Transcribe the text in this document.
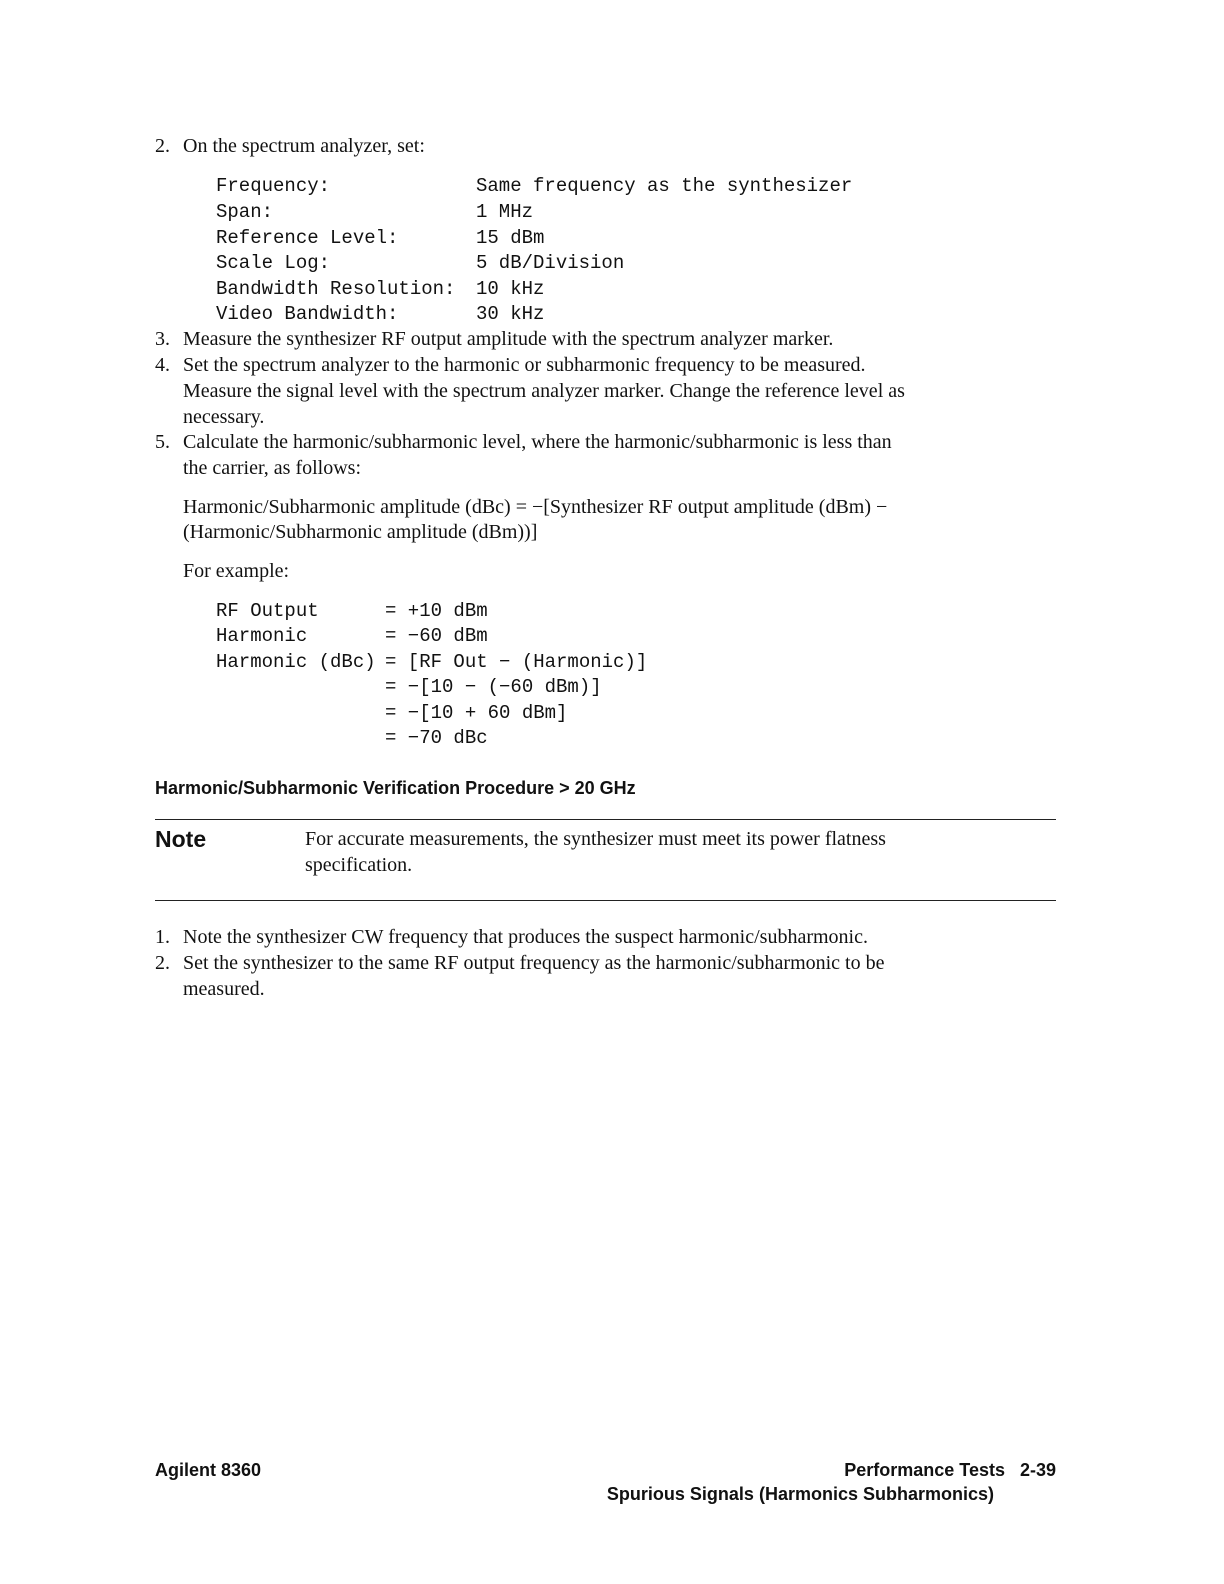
2. On the spectrum analyzer, set:
Frequency:	Same frequency as the synthesizer
Span:	1 MHz
Reference Level:	15 dBm
Scale Log:	5 dB/Division
Bandwidth Resolution: 10 kHz
Video Bandwidth:	30 kHz
3. Measure the synthesizer RF output amplitude with the spectrum analyzer marker.
4. Set the spectrum analyzer to the harmonic or subharmonic frequency to be measured.
Measure the signal level with the spectrum analyzer marker. Change the reference level as
necessary.
5. Calculate the harmonic/subharmonic level, where the harmonic/subharmonic is less than
the carrier, as follows:
Harmonic/Subharmonic amplitude (dBc) = −[Synthesizer RF output amplitude (dBm) −
(Harmonic/Subharmonic amplitude (dBm))]
For example:
RF Output	= +10 dBm
Harmonic	= −60 dBm
Harmonic (dBc) = [RF Out − (Harmonic)]
= −[10 − (−60 dBm)]
= −[10 + 60 dBm]
= −70 dBc
Harmonic/Subharmonic Verification Procedure > 20 GHz
Note	For accurate measurements, the synthesizer must meet its power flatness
specification.
1. Note the synthesizer CW frequency that produces the suspect harmonic/subharmonic.
2. Set the synthesizer to the same RF output frequency as the harmonic/subharmonic to be
measured.
Agilent 8360	Performance Tests   2-39
Spurious Signals (Harmonics Subharmonics)
